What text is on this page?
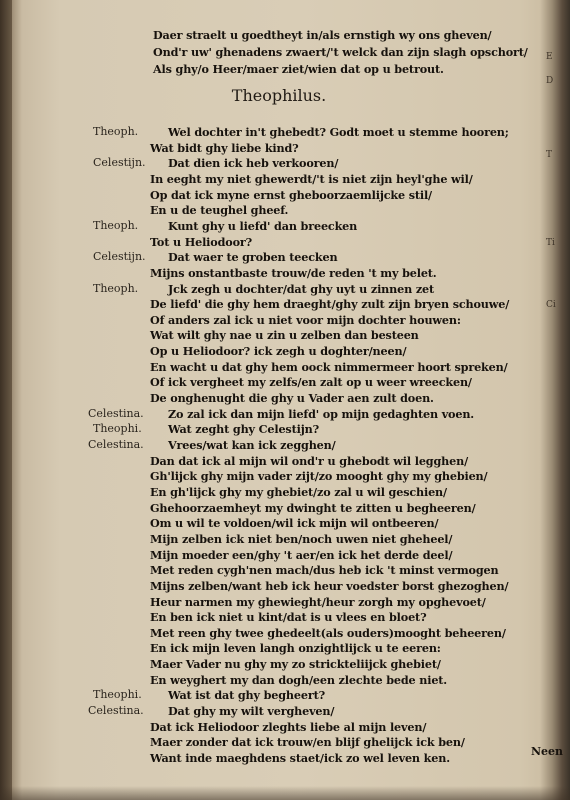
Daer straelt u goedtheyt in/als ernstigh wy ons gheven/
Ond'r uw' ghenadens zwaert/'t welck dan zijn slagh opschort/
Als ghy/o Heer/maer ziet/wien dat op u betrout.
Theophilus.
Theoph.	Wel dochter in't ghebedt? Godt moet u stemme hooren;
Wat bidt ghy liebe kind?
Celestijn. Dat dien ick heb verkooren/
In eeght my niet ghewerdt/'t is niet zijn heyl'ghe wil/
Op dat ick myne ernst gheboorzaemlijcke stil/
En u de teughel gheef.
Theoph.	Kunt ghy u liefd' dan breecken
Tot u Heliodoor?
Celestijn. Dat waer te groben teecken
Mijns onstantbaste trouw/de reden 't my belet.
Theoph.	Jck zegh u dochter/dat ghy uyt u zinnen zet
De liefd' die ghy hem draeght/ghy zult zijn bryen schouwe/
Of anders zal ick u niet voor mijn dochter houwen:
Wat wilt ghy nae u zin u zelben dan besteen
Op u Heliodoor? ick zegh u doghter/neen/
En wacht u dat ghy hem oock nimmermeer hoort spreken/
Of ick vergheet my zelfs/en zalt op u weer wreecken/
De onghenught die ghy u Vader aen zult doen.
Celestina. Zo zal ick dan mijn liefd' op mijn gedaghten voen.
Theophi. Wat zeght ghy Celestijn?
Celestina. Vrees/wat kan ick zegghen/
Dan dat ick al mijn wil ond'r u ghebodt wil legghen/
Gh'lijck ghy mijn vader zijt/zo mooght ghy my ghebien/
En gh'lijck ghy my ghebiet/zo zal u wil geschien/
Ghehoorzaemheyt my dwinght te zitten u begheeren/
Om u wil te voldoen/wil ick mijn wil ontbeeren/
Mijn zelben ick niet ben/noch uwen niet gheheel/
Mijn moeder een/ghy 't aer/en ick het derde deel/
Met reden cygh'nen mach/dus heb ick 't minst vermogen
Mijns zelben/want heb ick heur voedster borst ghezoghen/
Heur narmen my ghewieght/heur zorgh my opghevoet/
En ben ick niet u kint/dat is u vlees en bloet?
Met reen ghy twee ghedeelt(als ouders)mooght beheeren/
En ick mijn leven langh onzightlijck u te eeren:
Maer Vader nu ghy my zo strickteliijck ghebiet/
En weyghert my dan dogh/een zlechte bede niet.
Theophi. Wat ist dat ghy begheert?
Celestina. Dat ghy my wilt vergheven/
Dat ick Heliodoor zleghts liebe al mijn leven/
Maer zonder dat ick trouw/en blijf ghelijck ick ben/
Want inde maeghdens staet/ick zo wel leven ken.	Neen
E
D
T
Ti
Ci
